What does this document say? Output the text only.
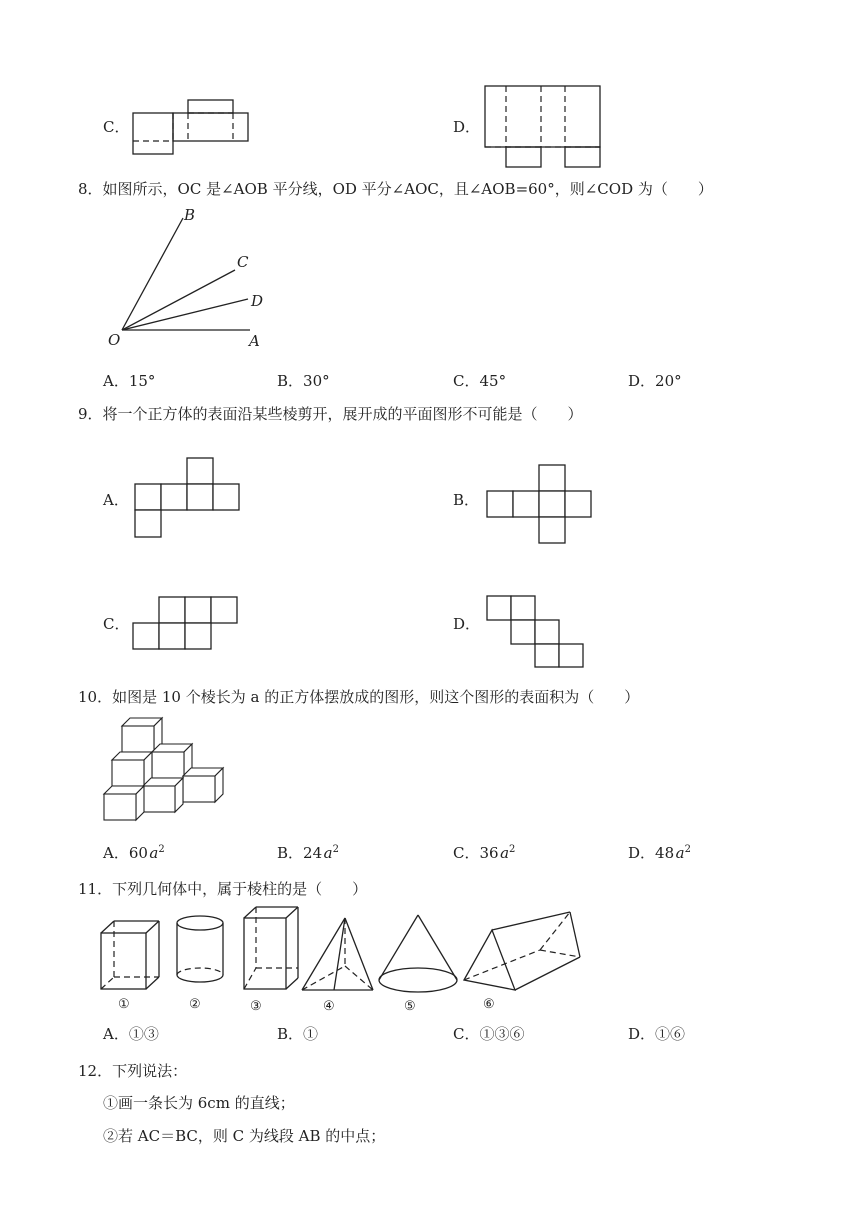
C．	D．
8．如图所示，OC 是∠AOB 平分线，OD 平分∠AOC，且∠AOB=60°，则∠COD 为（　　）
B
C
D
O	A
A．15°	B．30°	C．45°	D．20°
9．将一个正方体的表面沿某些棱剪开，展开成的平面图形不可能是（　　）
A．	B．
C．	D．
10．如图是 10 个棱长为 a 的正方体摆放成的图形，则这个图形的表面积为（　　）
A．60  $a^2$	B．24  $a^2$	C．36  $a^2$	D．48  $a^2$
11．下列几何体中，属于棱柱的是（　　）
①	②	③	④	⑤	⑥
A．①③	B．①	C．①③⑥	D．①⑥
12．下列说法：
①画一条长为 6cm 的直线；
②若 AC＝BC，则 C 为线段 AB 的中点；
